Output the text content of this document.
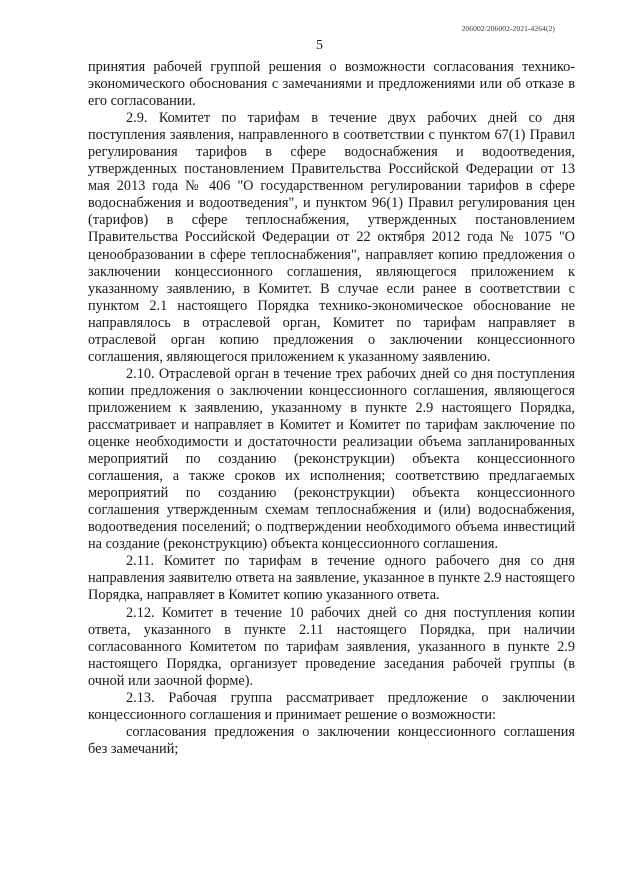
206002/206002-2021-4264(2)
5

принятия рабочей группой решения о возможности согласования технико-экономического обоснования с замечаниями и предложениями или об отказе в его согласовании.

2.9. Комитет по тарифам в течение двух рабочих дней со дня поступления заявления, направленного в соответствии с пунктом 67(1) Правил регулирования тарифов в сфере водоснабжения и водоотведения, утвержденных постановлением Правительства Российской Федерации от 13 мая 2013 года № 406 "О государственном регулировании тарифов в сфере водоснабжения и водоотведения", и пунктом 96(1) Правил регулирования цен (тарифов) в сфере теплоснабжения, утвержденных постановлением Правительства Российской Федерации от 22 октября 2012 года № 1075 "О ценообразовании в сфере теплоснабжения", направляет копию предложения о заключении концессионного соглашения, являющегося приложением к указанному заявлению, в Комитет. В случае если ранее в соответствии с пунктом 2.1 настоящего Порядка технико-экономическое обоснование не направлялось в отраслевой орган, Комитет по тарифам направляет в отраслевой орган копию предложения о заключении концессионного соглашения, являющегося приложением к указанному заявлению.

2.10. Отраслевой орган в течение трех рабочих дней со дня поступления копии предложения о заключении концессионного соглашения, являющегося приложением к заявлению, указанному в пункте 2.9 настоящего Порядка, рассматривает и направляет в Комитет и Комитет по тарифам заключение по оценке необходимости и достаточности реализации объема запланированных мероприятий по созданию (реконструкции) объекта концессионного соглашения, а также сроков их исполнения; соответствию предлагаемых мероприятий по созданию (реконструкции) объекта концессионного соглашения утвержденным схемам теплоснабжения и (или) водоснабжения, водоотведения поселений; о подтверждении необходимого объема инвестиций на создание (реконструкцию) объекта концессионного соглашения.

2.11. Комитет по тарифам в течение одного рабочего дня со дня направления заявителю ответа на заявление, указанное в пункте 2.9 настоящего Порядка, направляет в Комитет копию указанного ответа.

2.12. Комитет в течение 10 рабочих дней со дня поступления копии ответа, указанного в пункте 2.11 настоящего Порядка, при наличии согласованного Комитетом по тарифам заявления, указанного в пункте 2.9 настоящего Порядка, организует проведение заседания рабочей группы (в очной или заочной форме).

2.13. Рабочая группа рассматривает предложение о заключении концессионного соглашения и принимает решение о возможности:

согласования предложения о заключении концессионного соглашения без замечаний;
